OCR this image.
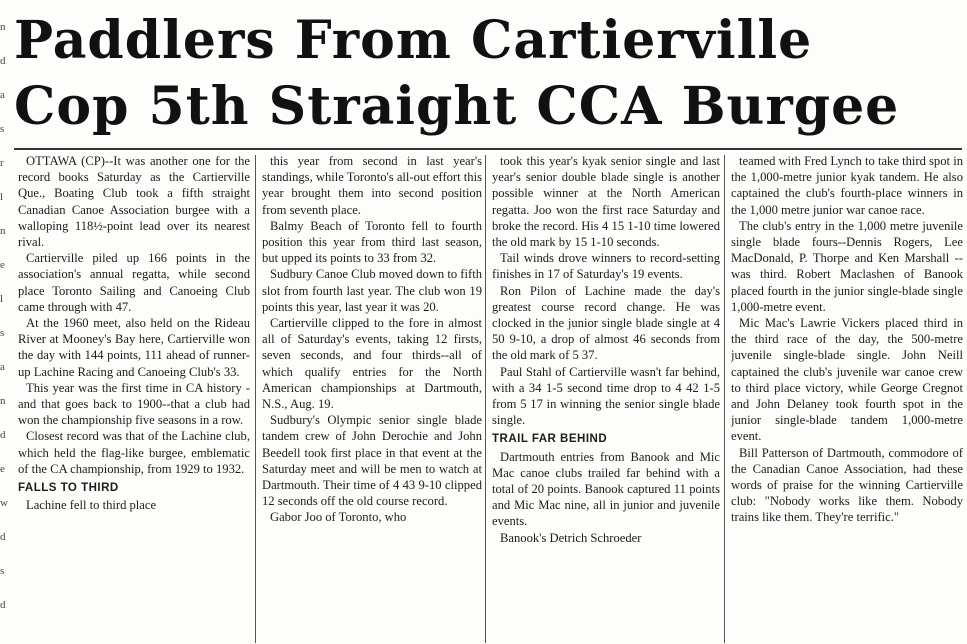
n d a s r l n e l s a n d e w d s d
Paddlers From Cartierville
Cop 5th Straight CCA Burgee

OTTAWA (CP)--It was another one for the record books Saturday as the Cartierville Que., Boating Club took a fifth straight Canadian Canoe Association burgee with a walloping 118½-point lead over its nearest rival.

Cartierville piled up 166 points in the association's annual regatta, while second place Toronto Sailing and Canoeing Club came through with 47.

At the 1960 meet, also held on the Rideau River at Mooney's Bay here, Cartierville won the day with 144 points, 111 ahead of runner-up Lachine Racing and Canoeing Club's 33.

This year was the first time in CA history -and that goes back to 1900--that a club had won the championship five seasons in a row.

Closest record was that of the Lachine club, which held the flag-like burgee, emblematic of the CA championship, from 1929 to 1932.

FALLS TO THIRD

Lachine fell to third place

this year from second in last year's standings, while Toronto's all-out effort this year brought them into second position from seventh place.

Balmy Beach of Toronto fell to fourth position this year from third last season, but upped its points to 33 from 32.

Sudbury Canoe Club moved down to fifth slot from fourth last year. The club won 19 points this year, last year it was 20.

Cartierville clipped to the fore in almost all of Saturday's events, taking 12 firsts, seven seconds, and four thirds--all of which qualify entries for the North American championships at Dartmouth, N.S., Aug. 19.

Sudbury's Olympic senior single blade tandem crew of John Derochie and John Beedell took first place in that event at the Saturday meet and will be men to watch at Dartmouth. Their time of 4 43 9-10 clipped 12 seconds off the old course record.

Gabor Joo of Toronto, who

took this year's kyak senior single and last year's senior double blade single is another possible winner at the North American regatta. Joo won the first race Saturday and broke the record. His 4 15 1-10 time lowered the old mark by 15 1-10 seconds.

Tail winds drove winners to record-setting finishes in 17 of Saturday's 19 events.

Ron Pilon of Lachine made the day's greatest course record change. He was clocked in the junior single blade single at 4 50 9-10, a drop of almost 46 seconds from the old mark of 5 37.

Paul Stahl of Cartierville wasn't far behind, with a 34 1-5 second time drop to 4 42 1-5 from 5 17 in winning the senior single blade single.

TRAIL FAR BEHIND

Dartmouth entries from Banook and Mic Mac canoe clubs trailed far behind with a total of 20 points. Banook captured 11 points and Mic Mac nine, all in junior and juvenile events.

Banook's Detrich Schroeder

teamed with Fred Lynch to take third spot in the 1,000-metre junior kyak tandem. He also captained the club's fourth-place winners in the 1,000 metre junior war canoe race.

The club's entry in the 1,000 metre juvenile single blade fours--Dennis Rogers, Lee MacDonald, P. Thorpe and Ken Marshall --was third. Robert Maclashen of Banook placed fourth in the junior single-blade single 1,000-metre event.

Mic Mac's Lawrie Vickers placed third in the third race of the day, the 500-metre juvenile single-blade single. John Neill captained the club's juvenile war canoe crew to third place victory, while George Cregnot and John Delaney took fourth spot in the junior single-blade tandem 1,000-metre event.

Bill Patterson of Dartmouth, commodore of the Canadian Canoe Association, had these words of praise for the winning Cartierville club: "Nobody works like them. Nobody trains like them. They're terrific."
